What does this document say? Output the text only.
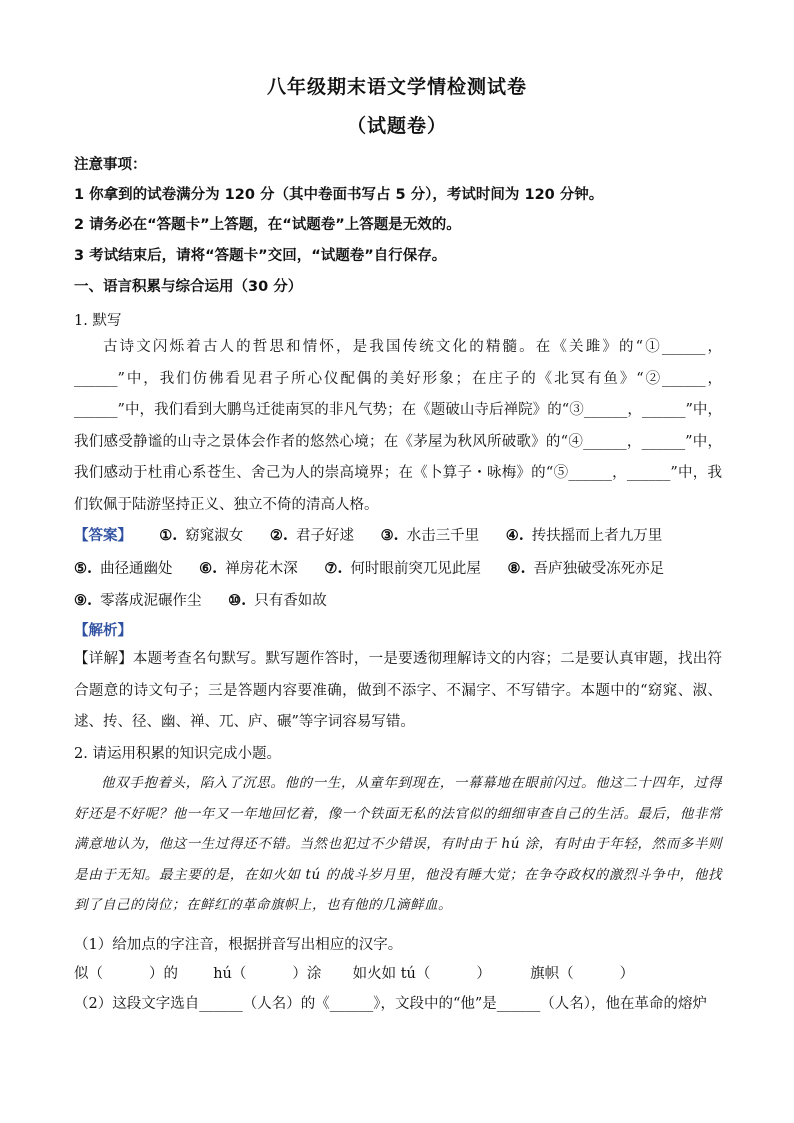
八年级期末语文学情检测试卷
（试题卷）
注意事项：
1 你拿到的试卷满分为 120 分（其中卷面书写占 5 分），考试时间为 120 分钟。
2 请务必在“答题卡”上答题，在“试题卷”上答题是无效的。
3 考试结束后，请将“答题卡”交回，“试题卷”自行保存。
一、语言积累与综合运用（30 分）
1. 默写
古诗文闪烁着古人的哲思和情怀，是我国传统文化的精髓。在《关雎》的“①______，______”中，我们仿佛看见君子所心仪配偶的美好形象；在庄子的《北冥有鱼》“②______，______”中，我们看到大鹏鸟迁徙南冥的非凡气势；在《题破山寺后禅院》的“③______，______”中，我们感受静谧的山寺之景体会作者的悠然心境；在《茅屋为秋风所破歌》的“④______，______”中，我们感动于杜甫心系苍生、舍己为人的崇高境界；在《卜算子・咏梅》的“⑤______，______”中，我们钦佩于陆游坚持正义、独立不倚的清高人格。
【答案】 ①. 窈窕淑女 ②. 君子好逑 ③. 水击三千里 ④. 抟扶摇而上者九万里 ⑤. 曲径通幽处 ⑥. 禅房花木深 ⑦. 何时眼前突兀见此屋 ⑧. 吾庐独破受冻死亦足 ⑨. 零落成泥碾作尘 ⑩. 只有香如故
【解析】
【详解】本题考查名句默写。默写题作答时，一是要透彻理解诗文的内容；二是要认真审题，找出符合题意的诗文句子；三是答题内容要准确，做到不添字、不漏字、不写错字。本题中的“窈窕、淑、逑、抟、径、幽、禅、兀、庐、碾”等字词容易写错。
2. 请运用积累的知识完成小题。
他双手抱着头，陷入了沉思。他的一生，从童年到现在，一幕幕地在眼前闪过。他这二十四年，过得好还是不好呢？他一年又一年地回忆着，像一个铁面无私的法官似的细细审查自己的生活。最后，他非常满意地认为，他这一生过得还不错。当然也犯过不少错误，有时由于 hú 涂，有时由于年轻，然而多半则是由于无知。最主要的是，在如火如 tú 的战斗岁月里，他没有睡大觉；在争夺政权的激烈斗争中，他找到了自己的岗位；在鲜红的革命旗帜上，也有他的几滴鲜血。
（1）给加点的字注音，根据拼音写出相应的汉字。
似（	）的 hú（	）涂 如火如 tú（	）	旗帜（	）
（2）这段文字选自______（人名）的《______》，文段中的“他”是______（人名），他在革命的熔炉
